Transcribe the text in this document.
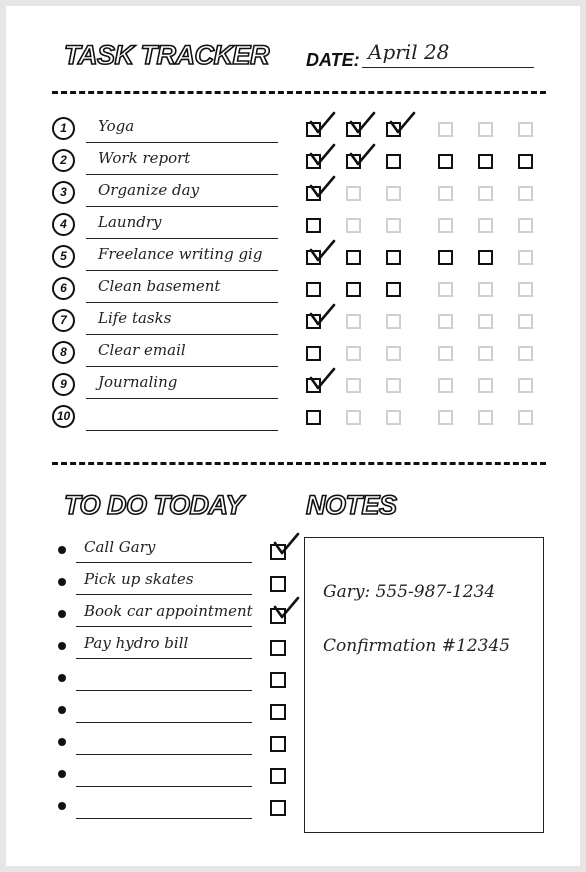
TASK TRACKER DATE: April 28
1	Yoga
2	Work report
3	Organize day
4	Laundry
5	Freelance writing gig
6	Clean basement
7	Life tasks
8	Clear email
9	Journaling
10
TO DO TODAY NOTES
Call Gary
Pick up skates
Book car appointment
Pay hydro bill
Gary: 555-987-1234
Confirmation #12345
